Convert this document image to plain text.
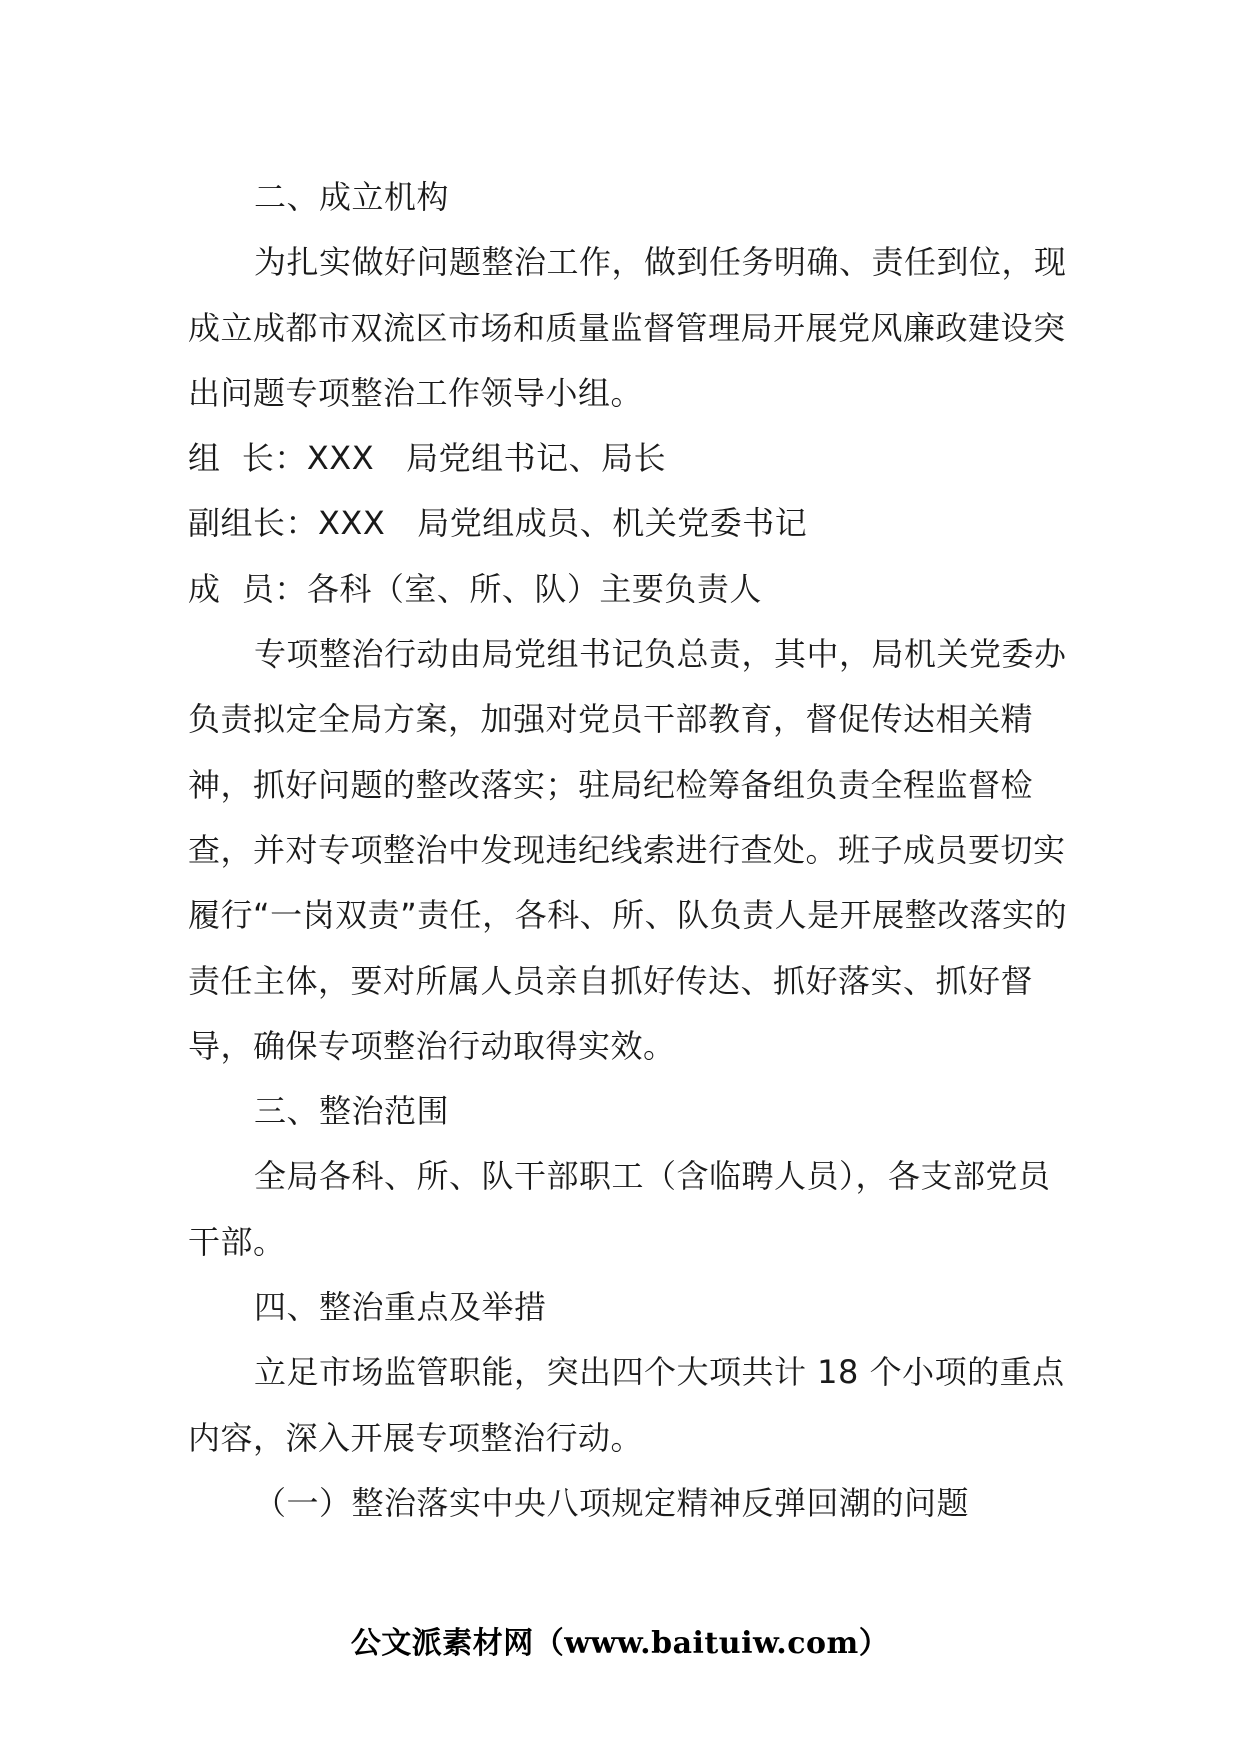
二、成立机构

为扎实做好问题整治工作，做到任务明确、责任到位，现成立成都市双流区市场和质量监督管理局开展党风廉政建设突出问题专项整治工作领导小组。

组  长：XXX   局党组书记、局长

副组长：XXX   局党组成员、机关党委书记

成  员：各科（室、所、队）主要负责人

专项整治行动由局党组书记负总责，其中，局机关党委办负责拟定全局方案，加强对党员干部教育，督促传达相关精神，抓好问题的整改落实；驻局纪检筹备组负责全程监督检查，并对专项整治中发现违纪线索进行查处。班子成员要切实履行“一岗双责”责任，各科、所、队负责人是开展整改落实的责任主体，要对所属人员亲自抓好传达、抓好落实、抓好督导，确保专项整治行动取得实效。

三、整治范围

全局各科、所、队干部职工（含临聘人员），各支部党员干部。

四、整治重点及举措

立足市场监管职能，突出四个大项共计 18 个小项的重点内容，深入开展专项整治行动。

（一）整治落实中央八项规定精神反弹回潮的问题

公文派素材网（www.baituiw.com）
